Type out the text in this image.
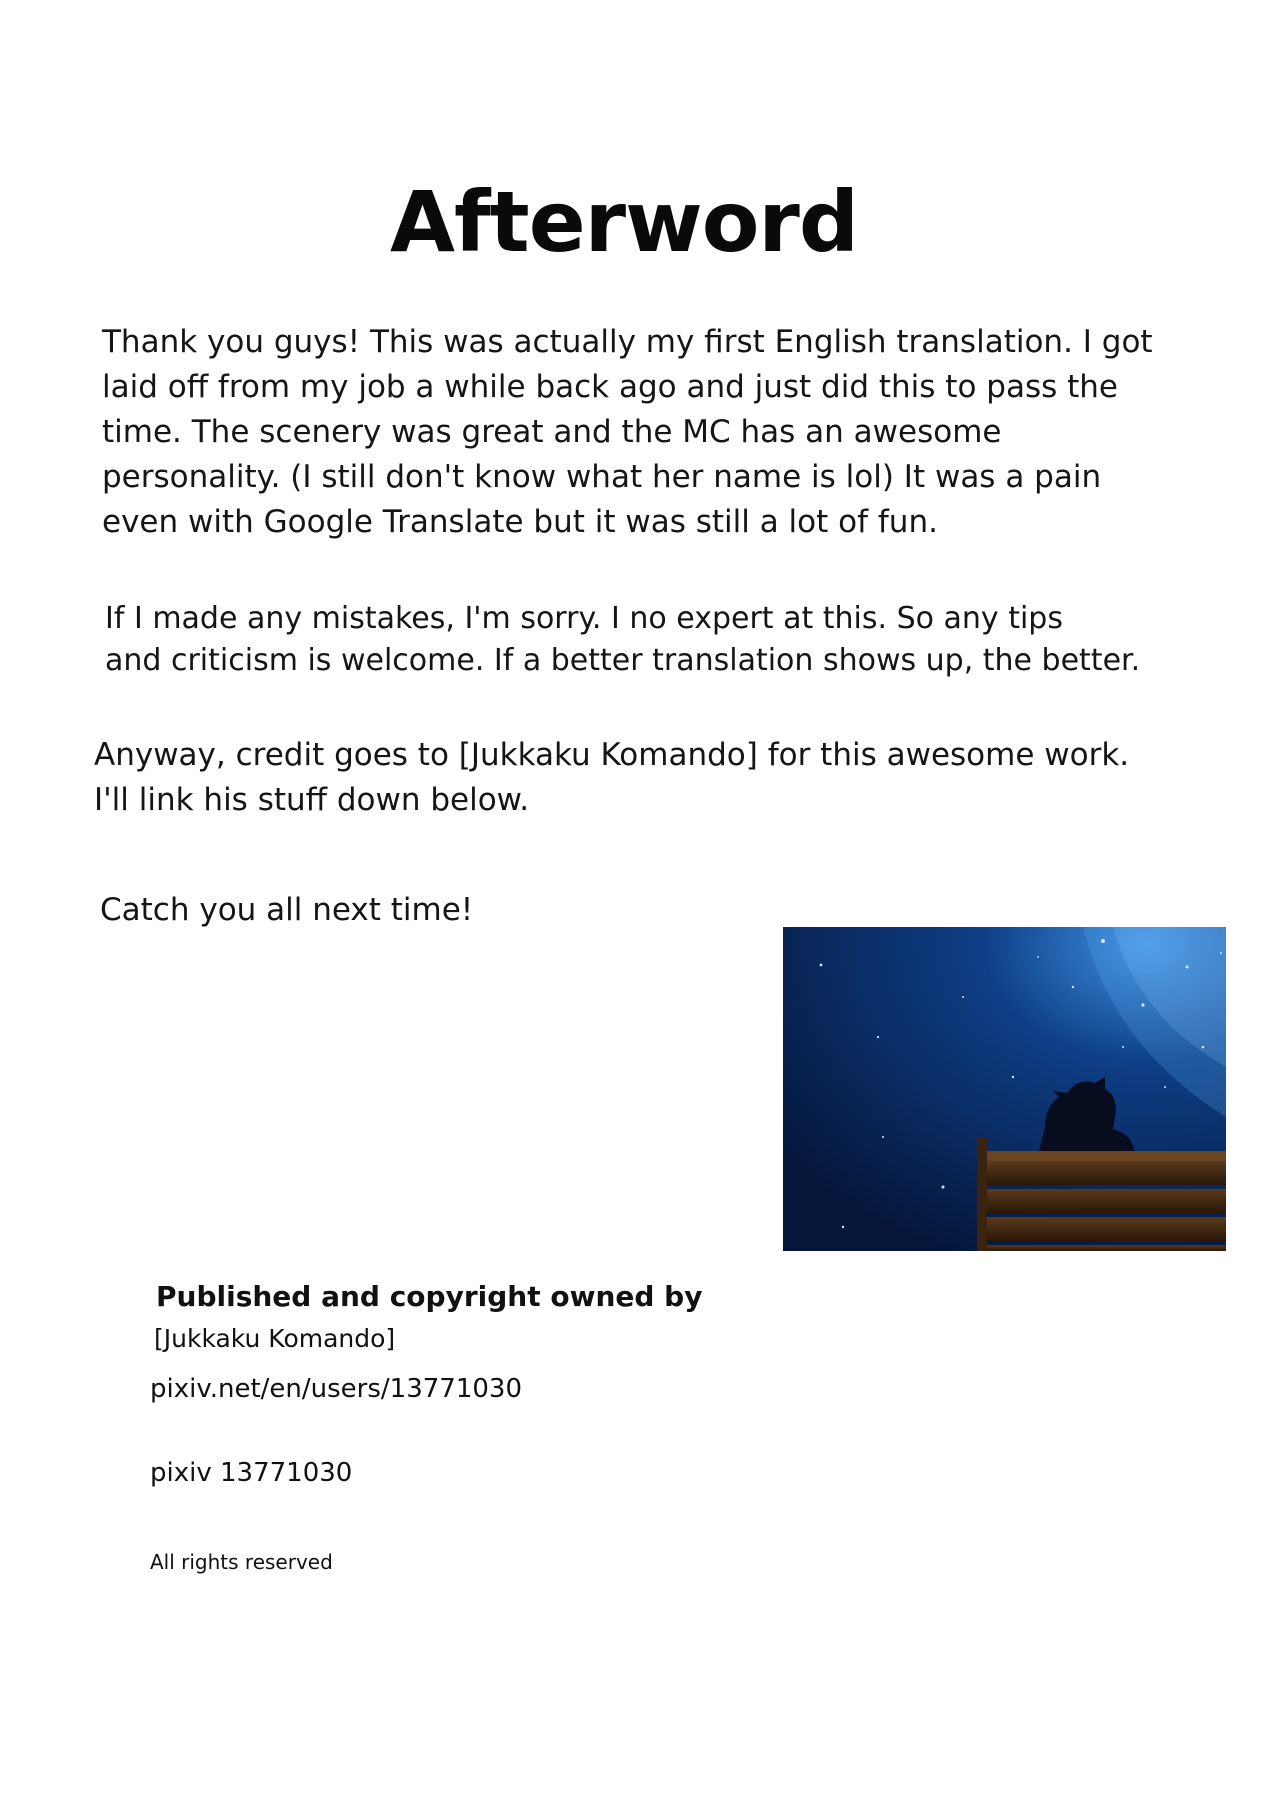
Afterword

Thank you guys! This was actually my first English translation. I got
laid off from my job a while back ago and just did this to pass the
time. The scenery was great and the MC has an awesome
personality. (I still don't know what her name is lol) It was a pain
even with Google Translate but it was still a lot of fun.

If I made any mistakes, I'm sorry. I no expert at this. So any tips
and criticism is welcome. If a better translation shows up, the better.

Anyway, credit goes to [Jukkaku Komando] for this awesome work.
I'll link his stuff down below.

Catch you all next time!

Published and copyright owned by
[Jukkaku Komando]
pixiv.net/en/users/13771030
pixiv 13771030
All rights reserved
